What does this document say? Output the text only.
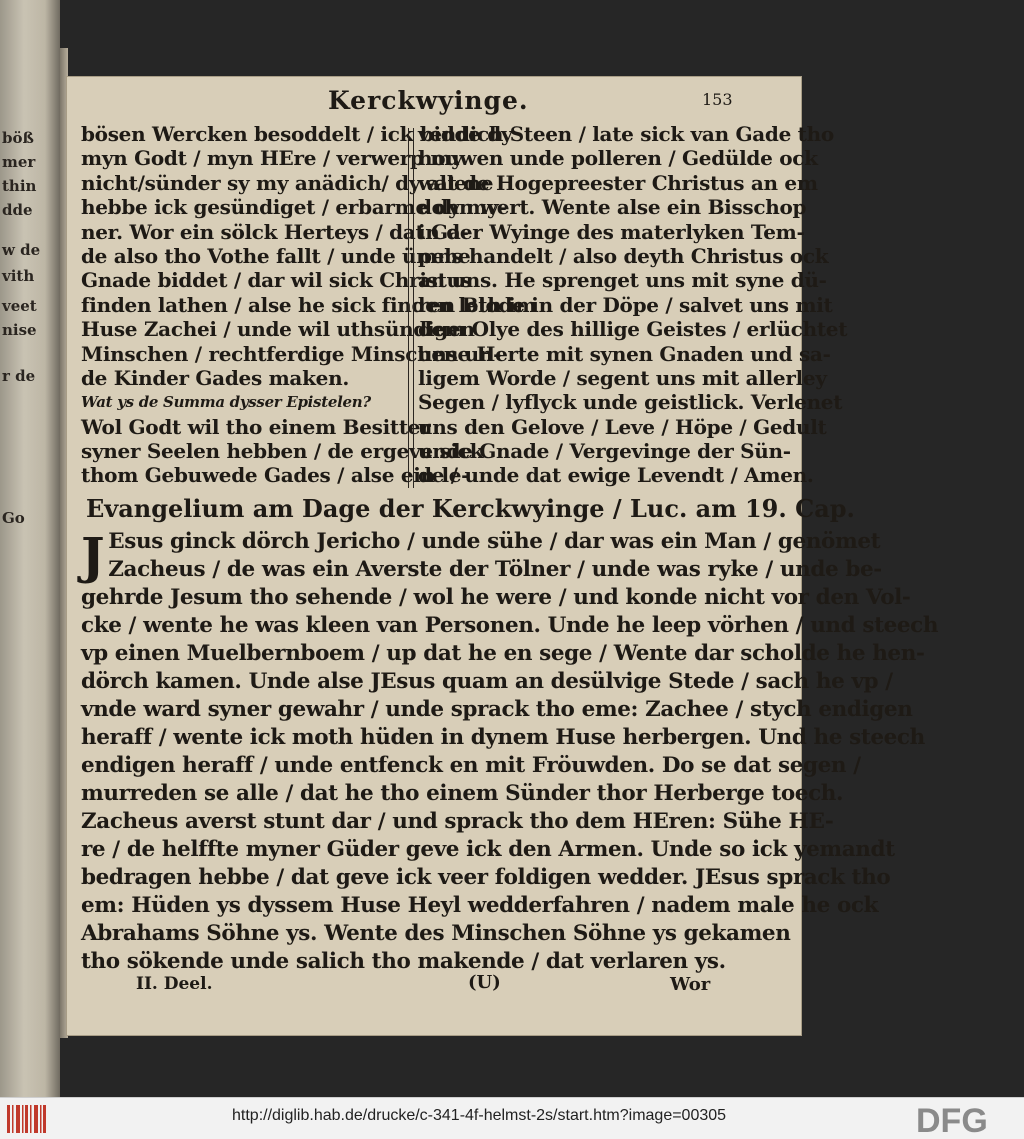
böß
mer
thin
dde
w de
vith
veet
nise
r de
Go
Kerckwyinge.	153
bösen Wercken besoddelt / ick bidde dy
myn Godt / myn HEre / verwerp my
nicht/sünder sy my anädich/ dy allene
hebbe ick gesündiget / erbarme dy my-
ner. Wor ein sölck Herteys / dat Ga-
de also tho Vothe fallt / unde ümme
Gnade biddet / dar wil sick Christus
finden lathen / alse he sick finden leth im
Huse Zachei / unde wil uthsündigen
Minschen / rechtferdige Minschen un-
de Kinder Gades maken.
Wat ys de Summa dysser Epistelen?
Wol Godt wil tho einem Besitter
syner Seelen hebben / de ergeve sick
thom Gebuwede Gades / alse ein le-
vendich Steen / late sick van Gade tho
houwen unde polleren / Gedülde ock
wat de Hogepreester Christus an em
dohn wert. Wente alse ein Bisschop
in der Wyinge des materlyken Tem-
pels handelt / also deyth Christus ock
an uns. He sprenget uns mit syne dü-
ren Blode in der Döpe / salvet uns mit
dem Olye des hillige Geistes / erlüchtet
unse Herte mit synen Gnaden und sa-
ligem Worde / segent uns mit allerley
Segen / lyflyck unde geistlick. Verlenet
uns den Gelove / Leve / Höpe / Gedult
unde Gnade / Vergevinge der Sün-
de / unde dat ewige Levendt / Amen.
Evangelium am Dage der Kerckwyinge / Luc. am 19. Cap.
J Esus ginck dörch Jericho / unde sühe / dar was ein Man / genömet
Zacheus / de was ein Averste der Tölner / unde was ryke / unde be-
gehrde Jesum tho sehende / wol he were / und konde nicht vor den Vol-
cke / wente he was kleen van Personen. Unde he leep vörhen / und steech
vp einen Muelbernboem / up dat he en sege / Wente dar scholde he hen-
dörch kamen. Unde alse JEsus quam an desülvige Stede / sach he vp /
vnde ward syner gewahr / unde sprack tho eme: Zachee / stych endigen
heraff / wente ick moth hüden in dynem Huse herbergen. Und he steech
endigen heraff / unde entfenck en mit Fröuwden. Do se dat segen /
murreden se alle / dat he tho einem Sünder thor Herberge toech.
Zacheus averst stunt dar / und sprack tho dem HEren: Sühe HE-
re / de helffte myner Güder geve ick den Armen. Unde so ick yemandt
bedragen hebbe / dat geve ick veer foldigen wedder. JEsus sprack tho
em: Hüden ys dyssem Huse Heyl wedderfahren / nadem male he ock
Abrahams Söhne ys. Wente des Minschen Söhne ys gekamen
tho sökende unde salich tho makende / dat verlaren ys.
II. Deel.	(U)	Wor
http://diglib.hab.de/drucke/c-341-4f-helmst-2s/start.htm?image=00305	DFG
